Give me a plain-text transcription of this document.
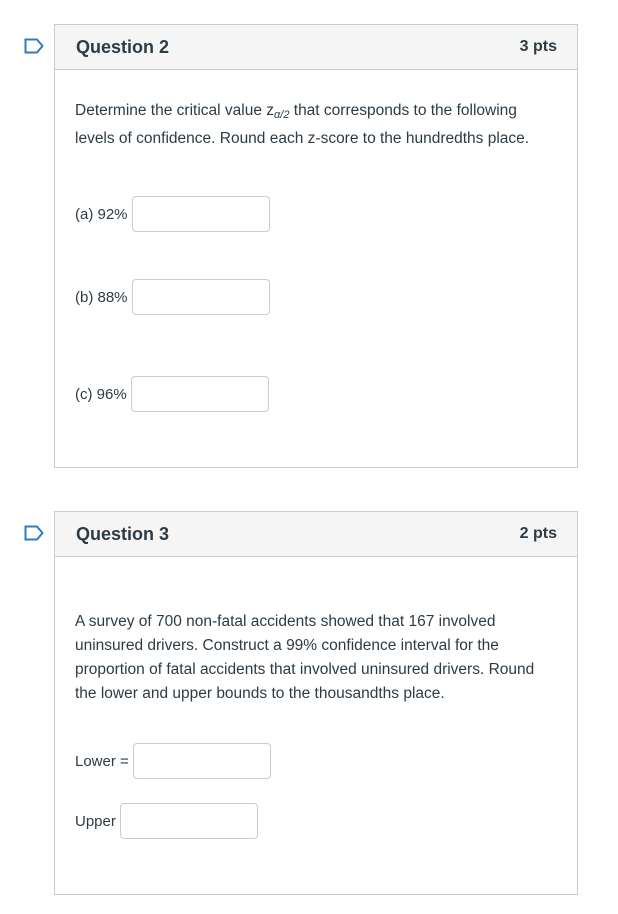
Question 2	3 pts
Determine the critical value $z_{\alpha/2}$ that corresponds to the following levels of confidence. Round each z-score to the hundredths place.
(a) 92%
(b) 88%
(c) 96%
Question 3	2 pts
A survey of 700 non-fatal accidents showed that 167 involved uninsured drivers. Construct a 99% confidence interval for the proportion of fatal accidents that involved uninsured drivers. Round the lower and upper bounds to the thousandths place.
Lower =
Upper
